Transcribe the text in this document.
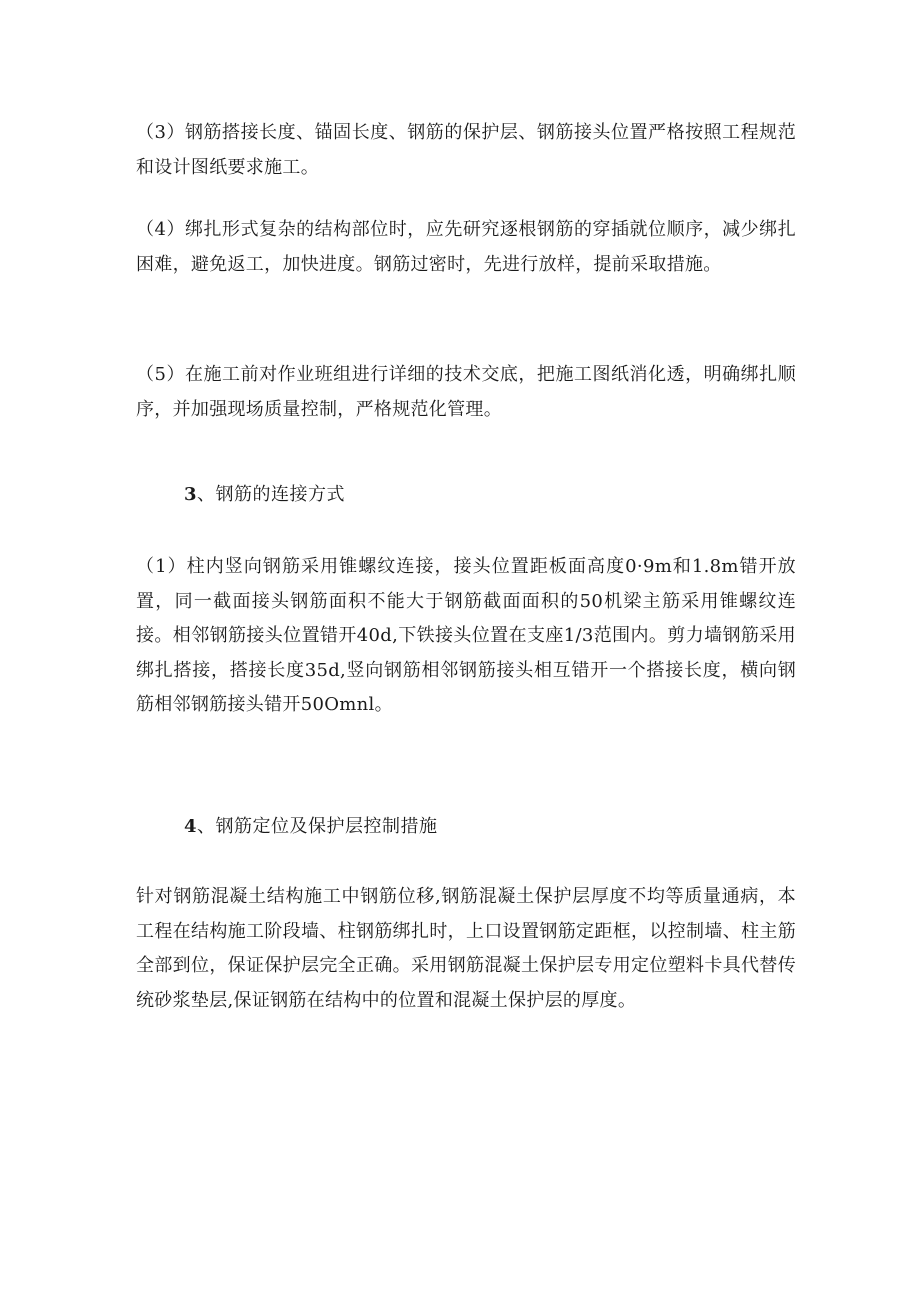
（3）钢筋搭接长度、锚固长度、钢筋的保护层、钢筋接头位置严格按照工程规范和设计图纸要求施工。

（4）绑扎形式复杂的结构部位时，应先研究逐根钢筋的穿插就位顺序，减少绑扎困难，避免返工，加快进度。钢筋过密时，先进行放样，提前采取措施。

（5）在施工前对作业班组进行详细的技术交底，把施工图纸消化透，明确绑扎顺序，并加强现场质量控制，严格规范化管理。

3、钢筋的连接方式

（1）柱内竖向钢筋采用锥螺纹连接，接头位置距板面高度0·9m和1.8m错开放置，同一截面接头钢筋面积不能大于钢筋截面面积的50机梁主筋采用锥螺纹连接。相邻钢筋接头位置错开40d,下铁接头位置在支座1/3范围内。剪力墙钢筋采用绑扎搭接，搭接长度35d,竖向钢筋相邻钢筋接头相互错开一个搭接长度，横向钢筋相邻钢筋接头错开50Omnl。

4、钢筋定位及保护层控制措施

针对钢筋混凝土结构施工中钢筋位移,钢筋混凝土保护层厚度不均等质量通病，本工程在结构施工阶段墙、柱钢筋绑扎时，上口设置钢筋定距框，以控制墙、柱主筋全部到位，保证保护层完全正确。采用钢筋混凝土保护层专用定位塑料卡具代替传统砂浆垫层,保证钢筋在结构中的位置和混凝土保护层的厚度。
